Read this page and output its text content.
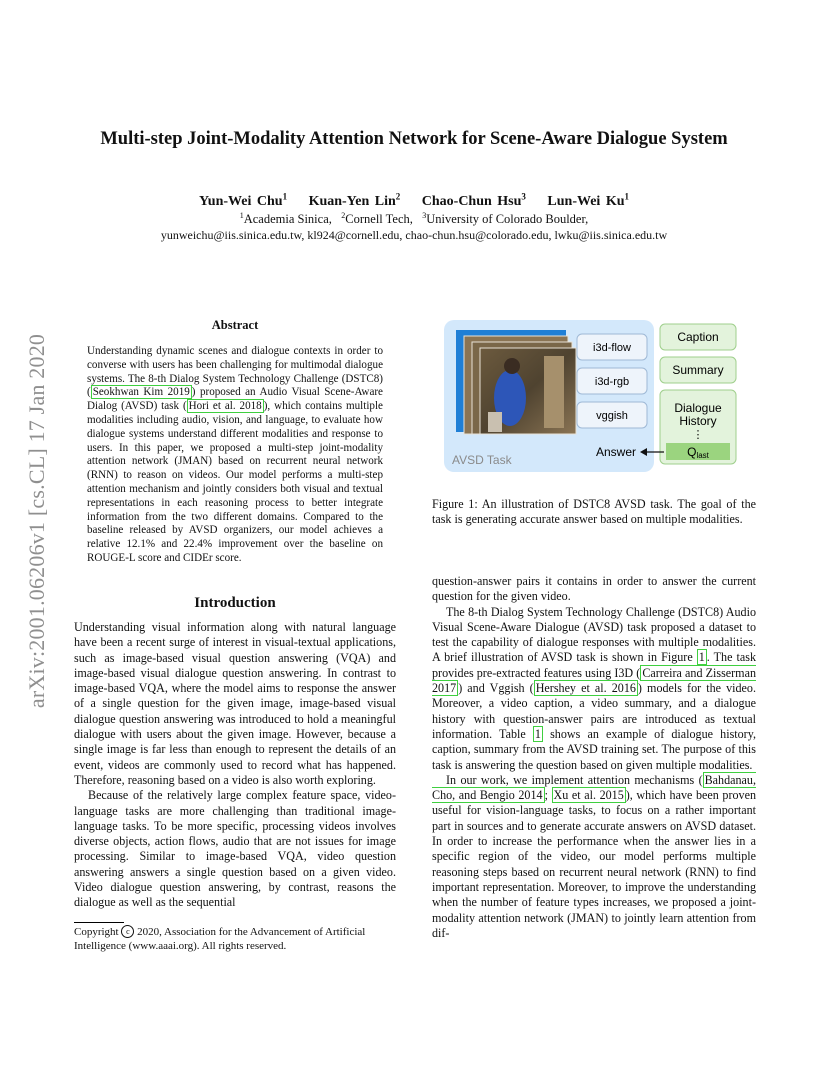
Multi-step Joint-Modality Attention Network for Scene-Aware Dialogue System
Yun-Wei Chu$^1$ Kuan-Yen Lin$^2$ Chao-Chun Hsu$^3$ Lun-Wei Ku$^1$
$^1$Academia Sinica, $^2$Cornell Tech, $^3$University of Colorado Boulder,
yunweichu@iis.sinica.edu.tw, kl924@cornell.edu, chao-chun.hsu@colorado.edu, lwku@iis.sinica.edu.tw
arXiv:2001.06206v1 [cs.CL] 17 Jan 2020
Abstract
Understanding dynamic scenes and dialogue contexts in order to converse with users has been challenging for multimodal dialogue systems. The 8-th Dialog System Technology Challenge (DSTC8) ( Seokhwan Kim 2019 ) proposed an Audio Visual Scene-Aware Dialog (AVSD) task ( Hori et al. 2018 ), which contains multiple modalities including audio, vision, and language, to evaluate how dialogue systems understand different modalities and response to users. In this paper, we proposed a multi-step joint-modality attention network (JMAN) based on recurrent neural network (RNN) to reason on videos. Our model performs a multi-step attention mechanism and jointly considers both visual and textual representations in each reasoning process to better integrate information from the two different domains. Compared to the baseline released by AVSD organizers, our model achieves a relative 12.1% and 22.4% improvement over the baseline on ROUGE-L score and CIDEr score.
Introduction

Understanding visual information along with natural language have been a recent surge of interest in visual-textual applications, such as image-based visual question answering (VQA) and image-based visual dialogue question answering. In contrast to image-based VQA, where the model aims to response the answer of a single question for the given image, image-based visual dialogue question answering was introduced to hold a meaningful dialogue with users about the given image. However, because a single image is far less than enough to represent the details of an event, videos are commonly used to record what has happened. Therefore, reasoning based on a video is also worth exploring.

Because of the relatively large complex feature space, video-language tasks are more challenging than traditional image-language tasks. To be more specific, processing videos involves diverse objects, action flows, audio that are not issues for image processing. Similar to image-based VQA, video question answering answers a single question based on a given video. Video dialogue question answering, by contrast, reasons the dialogue as well as the sequential

Copyright c 2020, Association for the Advancement of Artificial Intelligence (www.aaai.org). All rights reserved.
i3d-flow
i3d-rgb
vggish
AVSD Task
Caption
Summary
Dialogue History
⋮
Qlast
Answer
Figure 1: An illustration of DSTC8 AVSD task. The goal of the task is generating accurate answer based on multiple modalities.

question-answer pairs it contains in order to answer the current question for the given video.

The 8-th Dialog System Technology Challenge (DSTC8) Audio Visual Scene-Aware Dialogue (AVSD) task proposed a dataset to test the capability of dialogue responses with multiple modalities. A brief illustration of AVSD task is shown in Figure 1 . The task provides pre-extracted features using I3D ( Carreira and Zisserman 2017 ) and Vggish ( Hershey et al. 2016 ) models for the video. Moreover, a video caption, a video summary, and a dialogue history with question-answer pairs are introduced as textual information. Table 1 shows an example of dialogue history, caption, summary from the AVSD training set. The purpose of this task is answering the question based on given multiple modalities.

In our work, we implement attention mechanisms ( Bahdanau, Cho, and Bengio 2014 ; Xu et al. 2015 ), which have been proven useful for vision-language tasks, to focus on a rather important part in sources and to generate accurate answers on AVSD dataset. In order to increase the performance when the answer lies in a specific region of the video, our model performs multiple reasoning steps based on recurrent neural network (RNN) to find important representation. Moreover, to improve the understanding when the number of feature types increases, we proposed a joint-modality attention network (JMAN) to jointly learn attention from dif-
